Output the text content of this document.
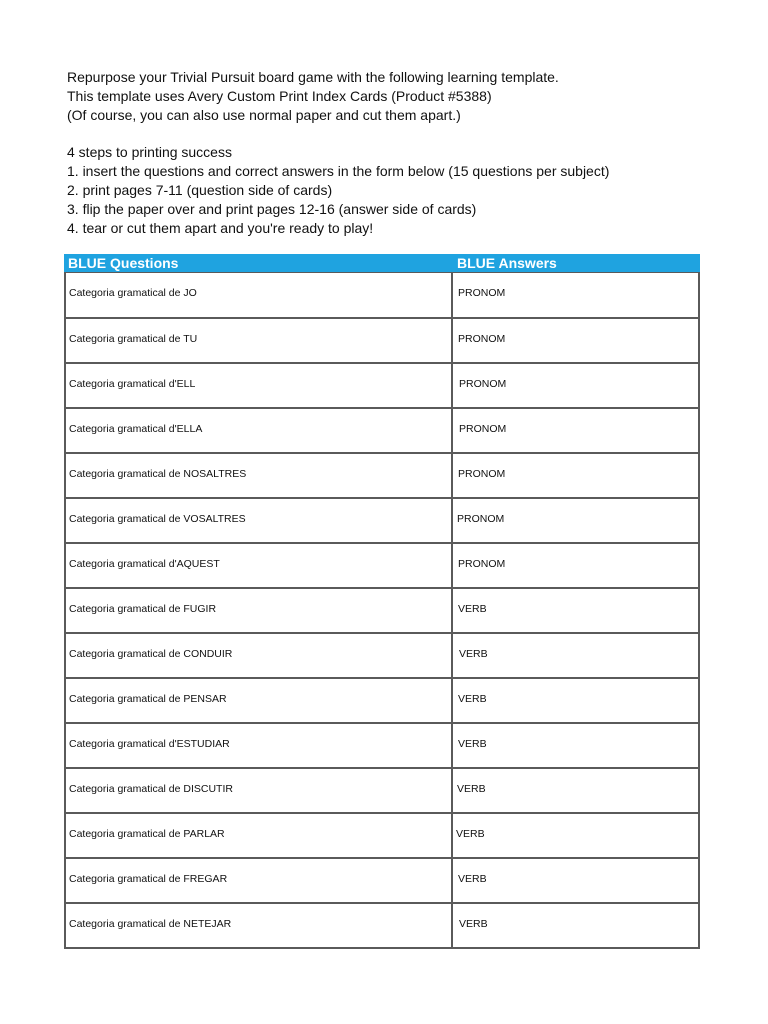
Repurpose your Trivial Pursuit board game with the following learning template.
This template uses Avery Custom Print Index Cards (Product #5388)
(Of course, you can also use normal paper and cut them apart.)
4 steps to printing success
1. insert the questions and correct answers in the form below (15 questions per subject)
2. print pages 7-11 (question side of cards)
3. flip the paper over and print pages 12-16 (answer side of cards)
4. tear or cut them apart and you're ready to play!
BLUE Questions	BLUE Answers
Categoria gramatical de JO	PRONOM
Categoria gramatical de TU	PRONOM
Categoria gramatical d'ELL	PRONOM
Categoria gramatical d'ELLA	PRONOM
Categoria gramatical de NOSALTRES	PRONOM
Categoria gramatical de VOSALTRES	PRONOM
Categoria gramatical d'AQUEST	PRONOM
Categoria gramatical de FUGIR	VERB
Categoria gramatical de CONDUIR	VERB
Categoria gramatical de PENSAR	VERB
Categoria gramatical d'ESTUDIAR	VERB
Categoria gramatical de DISCUTIR	VERB
Categoria gramatical de PARLAR	VERB
Categoria gramatical de FREGAR	VERB
Categoria gramatical de NETEJAR	VERB
